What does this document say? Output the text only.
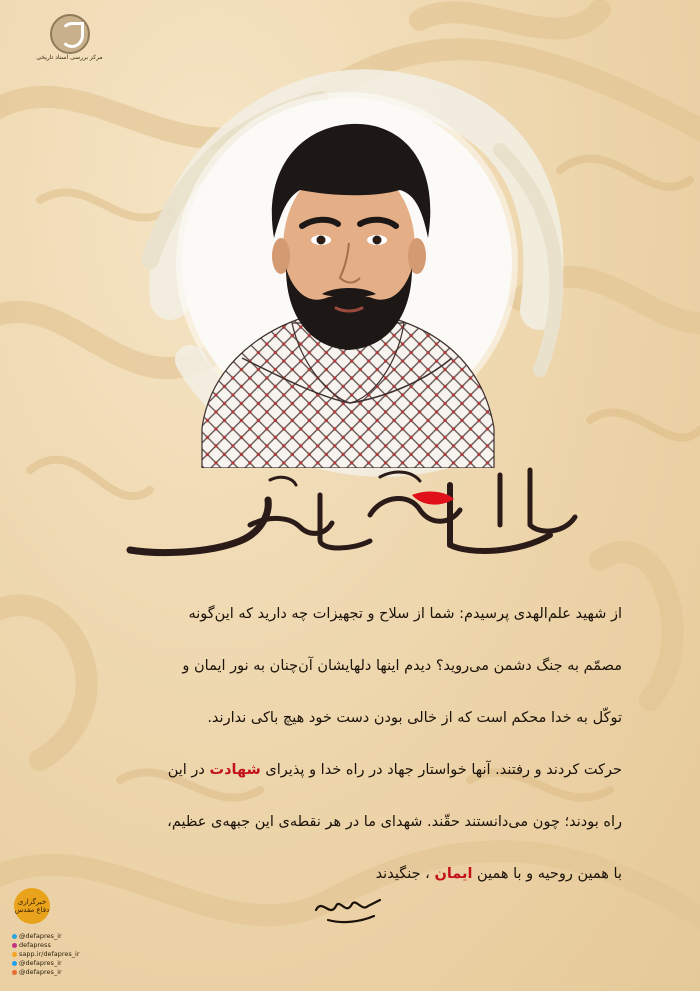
مرکز بررسی اسناد تاریخی
شهید سید حسین علم الهدی
از شهید علم‌الهدی پرسیدم: شما از سلاح و تجهیزات چه دارید که این‌گونه
مصمّم به جنگ دشمن می‌روید؟ دیدم اینها دلهایشان آن‌چنان به نور ایمان و
توکّل به خدا محکم است که از خالی بودن دست خود هیچ باکی ندارند.
حرکت کردند و رفتند. آنها خواستار جهاد در راه خدا و پذیرای شهادت در این
راه بودند؛ چون می‌دانستند حقّند. شهدای ما در هر نقطه‌ی این جبهه‌ی عظیم،
با همین روحیه و با همین ایمان ، جنگیدند
خبرگزاری دفاع مقدس
@defapres_ir
defapress
sapp.ir/defapres_ir
@defapres_ir
@defapres_ir
